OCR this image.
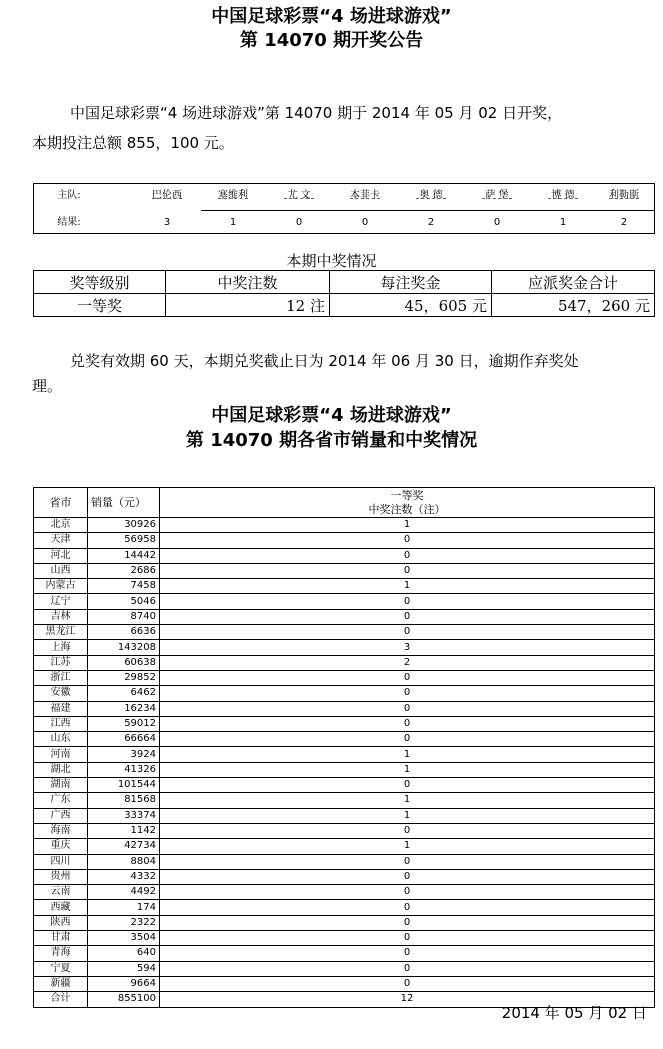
中国足球彩票“4 场进球游戏”
第 14070 期开奖公告
中国足球彩票“4 场进球游戏”第 14070 期于 2014 年 05 月 02 日开奖，
本期投注总额 855，100 元。
主队:	巴伦西	塞维利	尤 文	本菲卡	奥 德	萨 堡	博 德	利勒斯
结果:	3	1	0	0	2	0	1	2
本期中奖情况
奖等级别	中奖注数	每注奖金	应派奖金合计
一等奖	12 注	45，605 元	547，260 元
兑奖有效期 60 天，本期兑奖截止日为 2014 年 06 月 30 日，逾期作弃奖处
理。
中国足球彩票“4 场进球游戏”
第 14070 期各省市销量和中奖情况
省市	销量（元）	一等奖
中奖注数（注）

北京	30926	1
天津	56958	0
河北	14442	0
山西	2686	0
内蒙古	7458	1
辽宁	5046	0
吉林	8740	0
黑龙江	6636	0
上海	143208	3
江苏	60638	2
浙江	29852	0
安徽	6462	0
福建	16234	0
江西	59012	0
山东	66664	0
河南	3924	1
湖北	41326	1
湖南	101544	0
广东	81568	1
广西	33374	1
海南	1142	0
重庆	42734	1
四川	8804	0
贵州	4332	0
云南	4492	0
西藏	174	0
陕西	2322	0
甘肃	3504	0
青海	640	0
宁夏	594	0
新疆	9664	0
合计	855100	12
2014 年 05 月 02 日
